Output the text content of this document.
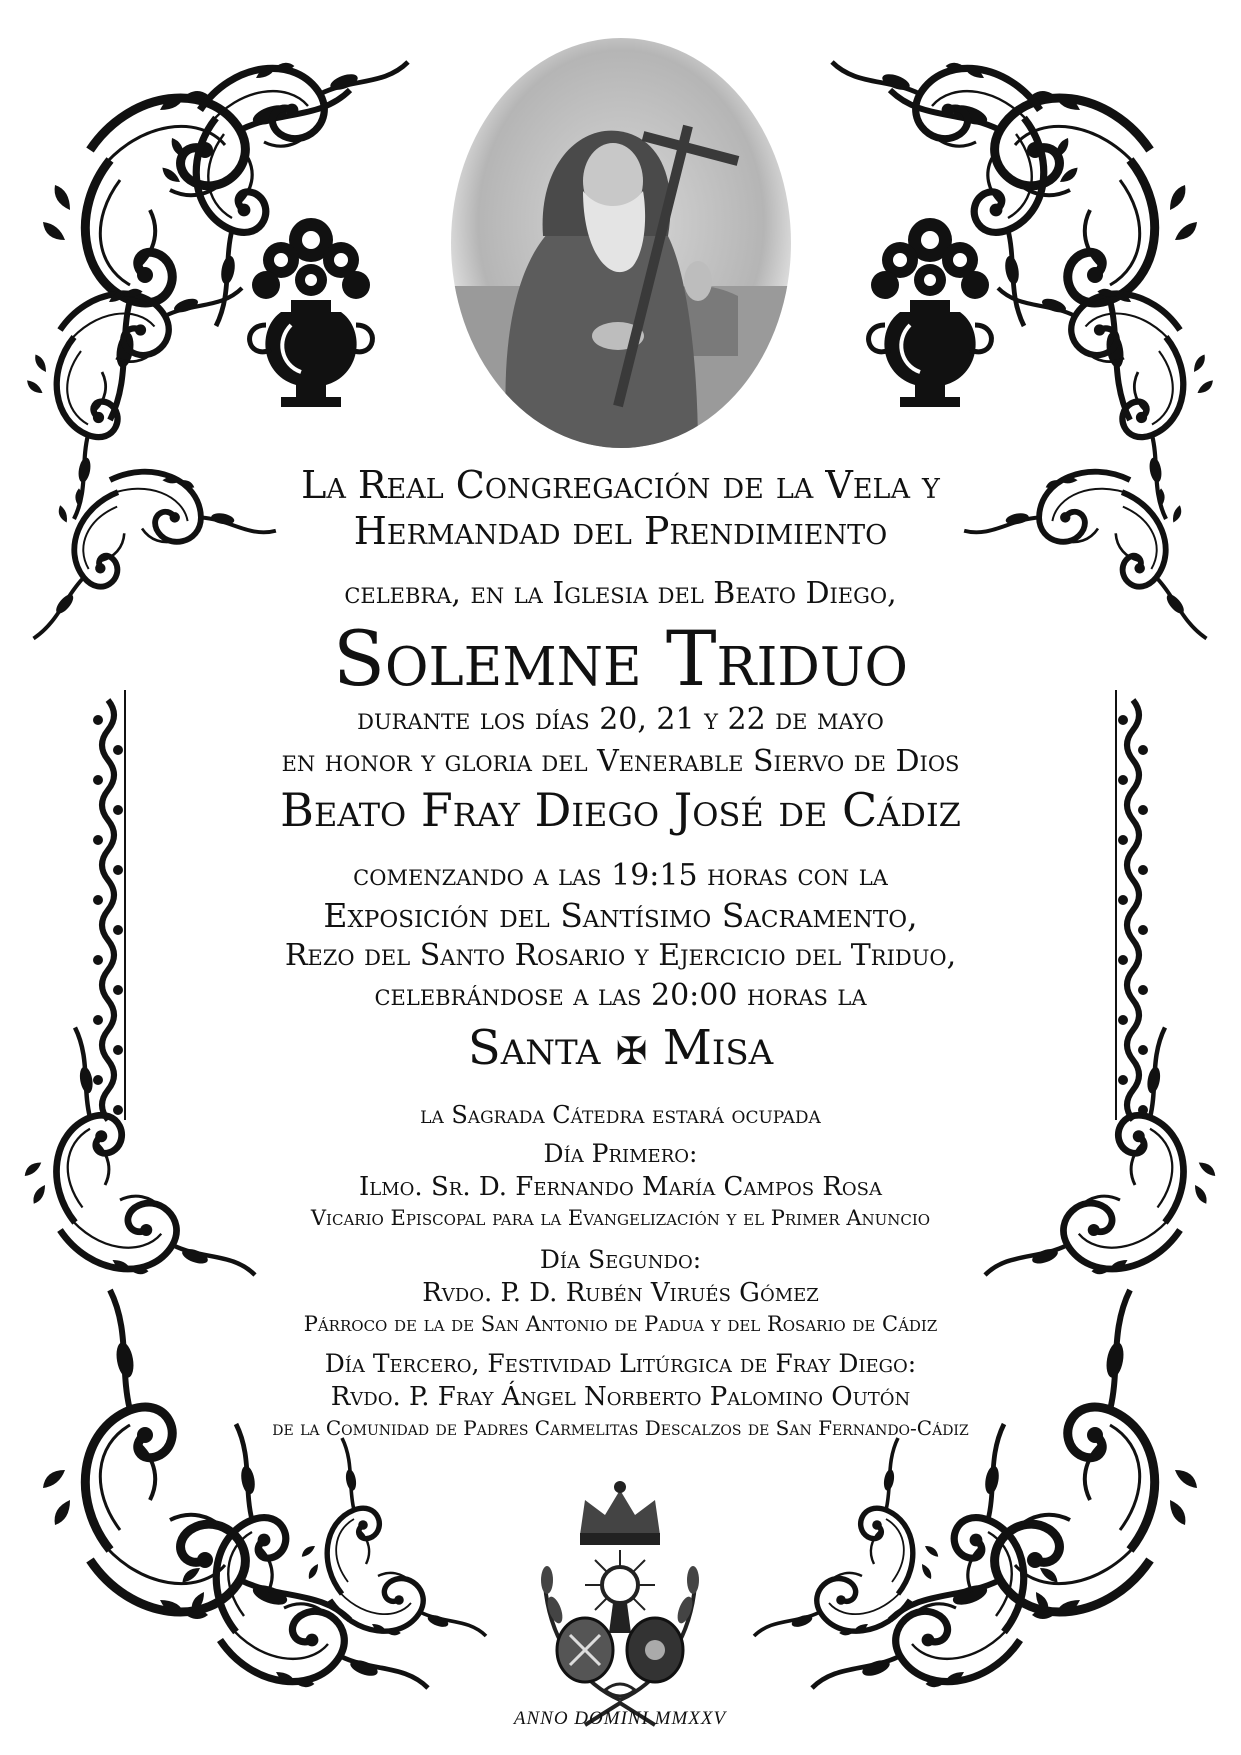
La Real Congregación de la Vela y
Hermandad del Prendimiento
celebra, en la Iglesia del Beato Diego,
Solemne Triduo
durante los días 20, 21 y 22 de mayo
en honor y gloria del Venerable Siervo de Dios
Beato Fray Diego José de Cádiz
comenzando a las 19:15 horas con la
Exposición del Santísimo Sacramento,
Rezo del Santo Rosario y Ejercicio del Triduo,
celebrándose a las 20:00 horas la
Santa ✠ Misa
la Sagrada Cátedra estará ocupada
Día Primero:
Ilmo. Sr. D. Fernando María Campos Rosa
Vicario Episcopal para la Evangelización y el Primer Anuncio
Día Segundo:
Rvdo. P. D. Rubén Virués Gómez
Párroco de la de San Antonio de Padua y del Rosario de Cádiz
Día Tercero, Festividad Litúrgica de Fray Diego:
Rvdo. P. Fray Ángel Norberto Palomino Outón
de la Comunidad de Padres Carmelitas Descalzos de San Fernando-Cádiz
ANNO DOMINI MMXXV
